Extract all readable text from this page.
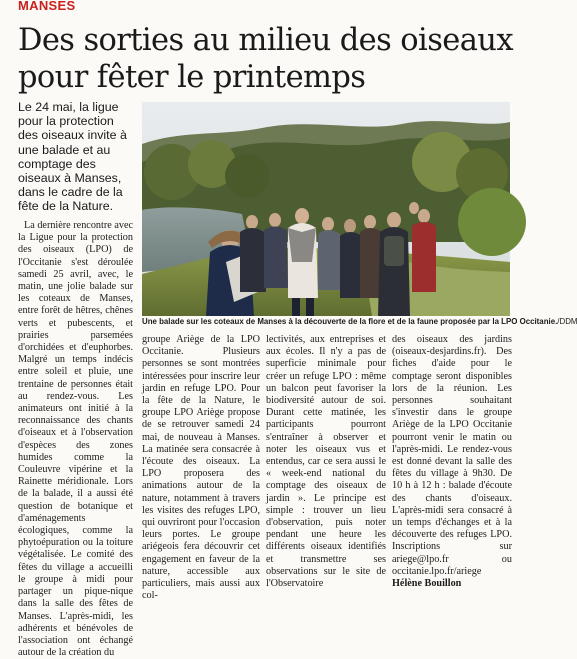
MANSES
Des sorties au milieu des oiseaux pour fêter le printemps

Le 24 mai, la ligue pour la protection des oiseaux invite à une balade et au comptage des oiseaux à Manses, dans le cadre de la fête de la Nature.

Une balade sur les coteaux de Manses à la découverte de la flore et de la faune proposée par la LPO Occitanie./DDM

La dernière rencontre avec la Ligue pour la protection des oiseaux (LPO) de l'Occitanie s'est déroulée samedi 25 avril, avec, le matin, une jolie balade sur les coteaux de Manses, entre forêt de hêtres, chênes verts et pubescents, et prairies parsemées d'orchidées et d'euphorbes. Malgré un temps indécis entre soleil et pluie, une trentaine de personnes était au rendez-vous. Les animateurs ont initié à la reconnaissance des chants d'oiseaux et à l'observation d'espèces des zones humides comme la Couleuvre vipérine et la Rainette méridionale. Lors de la balade, il a aussi été question de botanique et d'aménagements écologiques, comme la phytoépuration ou la toiture végétalisée. Le comité des fêtes du village a accueilli le groupe à midi pour partager un pique-nique dans la salle des fêtes de Manses. L'après-midi, les adhérents et bénévoles de l'association ont échangé autour de la création du

groupe Ariège de la LPO Occitanie. Plusieurs personnes se sont montrées intéressées pour inscrire leur jardin en refuge LPO. Pour la fête de la Nature, le groupe LPO Ariège propose de se retrouver samedi 24 mai, de nouveau à Manses. La matinée sera consacrée à l'écoute des oiseaux. La LPO proposera des animations autour de la nature, notamment à travers les visites des refuges LPO, qui ouvriront pour l'occasion leurs portes. Le groupe ariégeois fera découvrir cet engagement en faveur de la nature, accessible aux particuliers, mais aussi aux col-

lectivités, aux entreprises et aux écoles. Il n'y a pas de superficie minimale pour créer un refuge LPO : même un balcon peut favoriser la biodiversité autour de soi. Durant cette matinée, les participants pourront s'entraîner à observer et noter les oiseaux vus et entendus, car ce sera aussi le « week-end national du comptage des oiseaux de jardin ». Le principe est simple : trouver un lieu d'observation, puis noter pendant une heure les différents oiseaux identifiés et transmettre ses observations sur le site de l'Observatoire

des oiseaux des jardins (oiseaux-desjardins.fr). Des fiches d'aide pour le comptage seront disponibles lors de la réunion. Les personnes souhaitant s'investir dans le groupe Ariège de la LPO Occitanie pourront venir le matin ou l'après-midi. Le rendez-vous est donné devant la salle des fêtes du village à 9h30. De 10 h à 12 h : balade d'écoute des chants d'oiseaux. L'après-midi sera consacré à un temps d'échanges et à la découverte des refuges LPO. Inscriptions sur ariege@lpo.fr ou occitanie.lpo.fr/ariege

Hélène Bouillon
